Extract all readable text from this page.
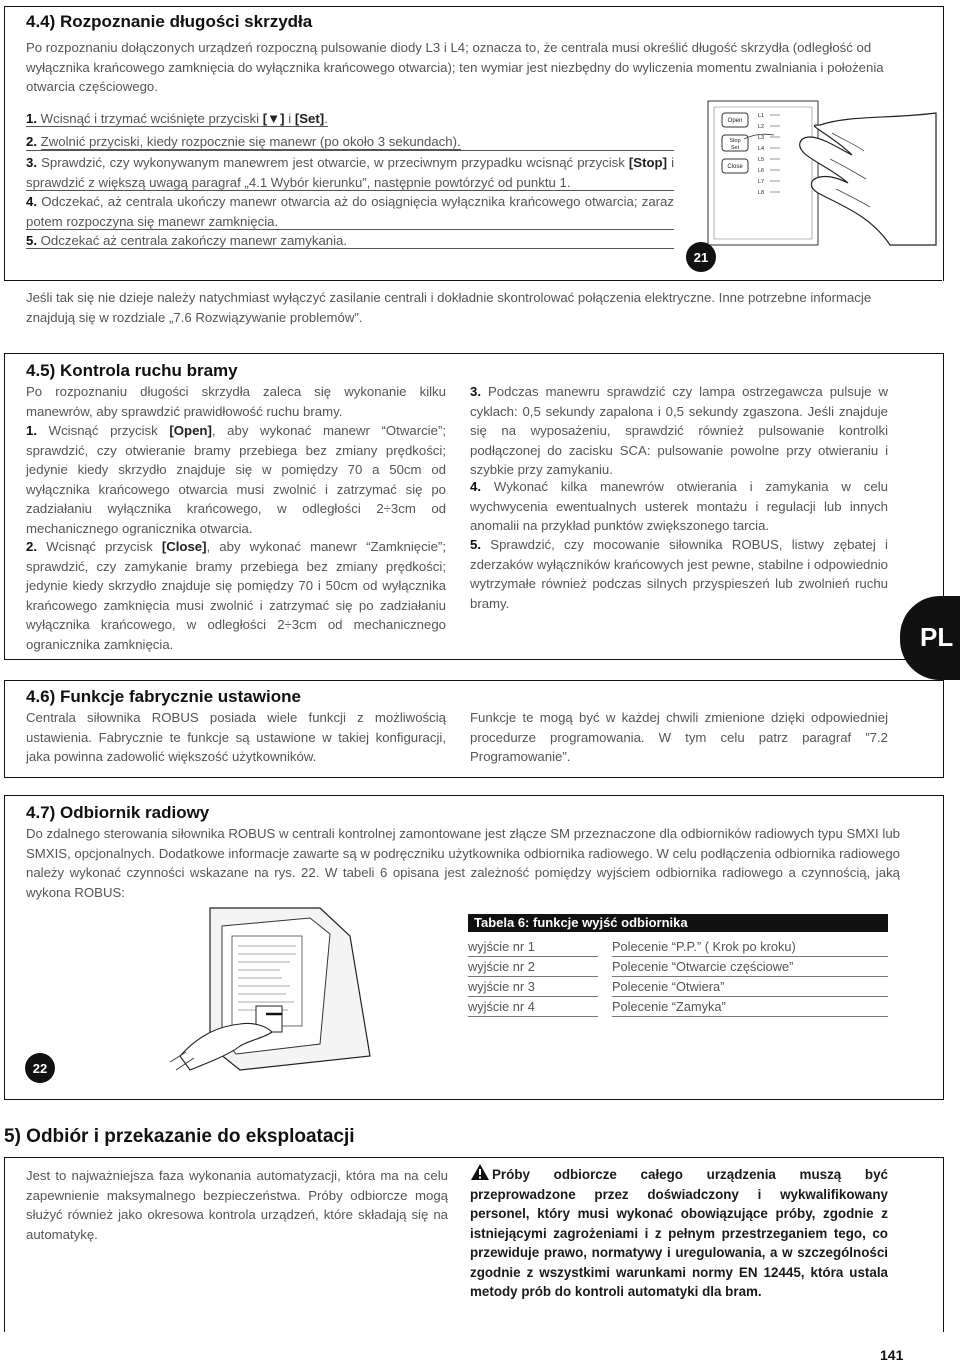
4.4) Rozpoznanie długości skrzydła
Po rozpoznaniu dołączonych urządzeń rozpoczną pulsowanie diody L3 i L4; oznacza to, że centrala musi określić długość skrzydła (odległość od wyłącznika krańcowego zamknięcia do wyłącznika krańcowego otwarcia); ten wymiar jest niezbędny do wyliczenia momentu zwalniania i położenia otwarcia częściowego.
1. Wcisnąć i trzymać wciśnięte przyciski [▼] i [Set].
2. Zwolnić przyciski, kiedy rozpocznie się manewr (po około 3 sekundach).
3. Sprawdzić, czy wykonywanym manewrem jest otwarcie, w przeciwnym przypadku wcisnąć przycisk [Stop] i sprawdzić z większą uwagą paragraf „4.1 Wybór kierunku”, następnie powtórzyć od punktu 1.
4. Odczekać, aż centrala ukończy manewr otwarcia aż do osiągnięcia wyłącznika krańcowego otwarcia; zaraz potem rozpoczyna się manewr zamknięcia.
5. Odczekać aż centrala zakończy manewr zamykania.
Open
Stop
Set
Close
L1
L2
L3
L4
L5
L6
L7
L8
21
Jeśli tak się nie dzieje należy natychmiast wyłączyć zasilanie centrali i dokładnie skontrolować połączenia elektryczne. Inne potrzebne informacje znajdują się w rozdziale „7.6 Rozwiązywanie problemów”.
4.5) Kontrola ruchu bramy
Po rozpoznaniu długości skrzydła zaleca się wykonanie kilku manewrów, aby sprawdzić prawidłowość ruchu bramy.
1. Wcisnąć przycisk [Open], aby wykonać manewr “Otwarcie”; sprawdzić, czy otwieranie bramy przebiega bez zmiany prędkości; jedynie kiedy skrzydło znajduje się w pomiędzy 70 a 50cm od wyłącznika krańcowego otwarcia musi zwolnić i zatrzymać się po zadziałaniu wyłącznika krańcowego, w odległości 2÷3cm od mechanicznego ogranicznika otwarcia.
2. Wcisnąć przycisk [Close], aby wykonać manewr “Zamknięcie”; sprawdzić, czy zamykanie bramy przebiega bez zmiany prędkości; jedynie kiedy skrzydło znajduje się pomiędzy 70 i 50cm od wyłącznika krańcowego zamknięcia musi zwolnić i zatrzymać się po zadziałaniu wyłącznika krańcowego, w odległości 2÷3cm od mechanicznego ogranicznika zamknięcia.
3. Podczas manewru sprawdzić czy lampa ostrzegawcza pulsuje w cyklach: 0,5 sekundy zapalona i 0,5 sekundy zgaszona. Jeśli znajduje się na wyposażeniu, sprawdzić również pulsowanie kontrolki podłączonej do zacisku SCA: pulsowanie powolne przy otwieraniu i szybkie przy zamykaniu.
4. Wykonać kilka manewrów otwierania i zamykania w celu wychwycenia ewentualnych usterek montażu i regulacji lub innych anomalii na przykład punktów zwiększonego tarcia.
5. Sprawdzić, czy mocowanie siłownika ROBUS, listwy zębatej i zderzaków wyłączników krańcowych jest pewne, stabilne i odpowiednio wytrzymałe również podczas silnych przyspieszeń lub zwolnień ruchu bramy.
PL
4.6) Funkcje fabrycznie ustawione
Centrala siłownika ROBUS posiada wiele funkcji z możliwością ustawienia. Fabrycznie te funkcje są ustawione w takiej konfiguracji, jaka powinna zadowolić większość użytkowników.
Funkcje te mogą być w każdej chwili zmienione dzięki odpowiedniej procedurze programowania. W tym celu patrz paragraf ”7.2 Programowanie”.
4.7) Odbiornik radiowy
Do zdalnego sterowania siłownika ROBUS w centrali kontrolnej zamontowane jest złącze SM przeznaczone dla odbiorników radiowych typu SMXI lub SMXIS, opcjonalnych. Dodatkowe informacje zawarte są w podręczniku użytkownika odbiornika radiowego. W celu podłączenia odbiornika radiowego należy wykonać czynności wskazane na rys. 22. W tabeli 6 opisana jest zależność pomiędzy wyjściem odbiornika radiowego a czynnością, jaką wykona ROBUS:
22
Tabela 6: funkcje wyjść odbiornika
wyjście nr 1	Polecenie “P.P.” ( Krok po kroku)
wyjście nr 2	Polecenie “Otwarcie częściowe”
wyjście nr 3	Polecenie “Otwiera”
wyjście nr 4	Polecenie “Zamyka”
5) Odbiór i przekazanie do eksploatacji
Jest to najważniejsza faza wykonania automatyzacji, która ma na celu zapewnienie maksymalnego bezpieczeństwa. Próby odbiorcze mogą służyć również jako okresowa kontrola urządzeń, które składają się na automatykę.
Próby odbiorcze całego urządzenia muszą być przeprowadzone przez doświadczony i wykwalifikowany personel, który musi wykonać obowiązujące próby, zgodnie z istniejącymi zagrożeniami i z pełnym przestrzeganiem tego, co przewiduje prawo, normatywy i uregulowania, a w szczególności zgodnie z wszystkimi warunkami normy EN 12445, która ustala metody prób do kontroli automatyki dla bram.
141
